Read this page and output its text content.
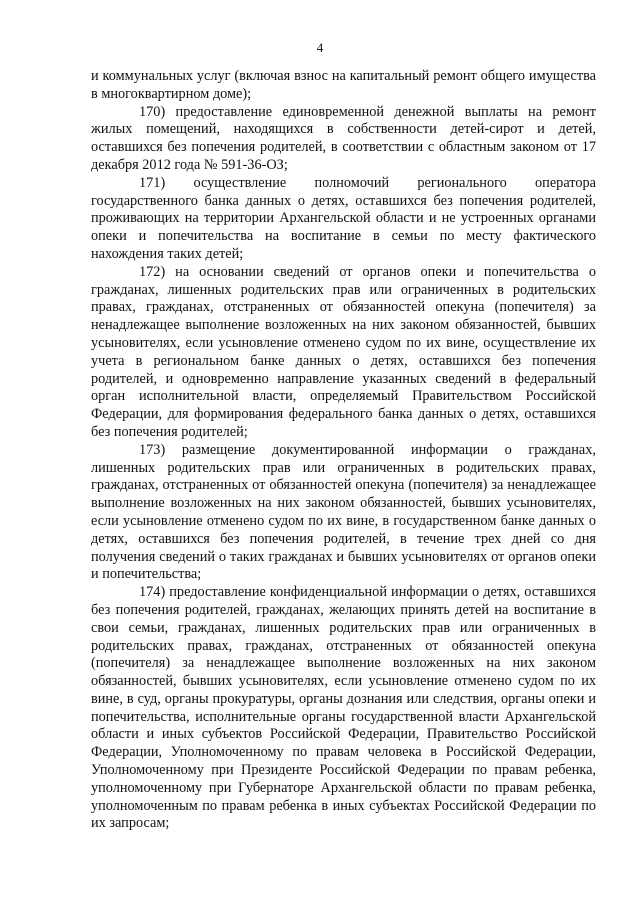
4

и коммунальных услуг (включая взнос на капитальный ремонт общего имущества в многоквартирном доме);

170) предоставление единовременной денежной выплаты на ремонт жилых помещений, находящихся в собственности детей-сирот и детей, оставшихся без попечения родителей, в соответствии с областным законом от 17 декабря 2012 года № 591-36-ОЗ;

171) осуществление полномочий регионального оператора государственного банка данных о детях, оставшихся без попечения родителей, проживающих на территории Архангельской области и не устроенных органами опеки и попечительства на воспитание в семьи по месту фактического нахождения таких детей;

172) на основании сведений от органов опеки и попечительства о гражданах, лишенных родительских прав или ограниченных в родительских правах, гражданах, отстраненных от обязанностей опекуна (попечителя) за ненадлежащее выполнение возложенных на них законом обязанностей, бывших усыновителях, если усыновление отменено судом по их вине, осуществление их учета в региональном банке данных о детях, оставшихся без попечения родителей, и одновременно направление указанных сведений в федеральный орган исполнительной власти, определяемый Правительством Российской Федерации, для формирования федерального банка данных о детях, оставшихся без попечения родителей;

173) размещение документированной информации о гражданах, лишенных родительских прав или ограниченных в родительских правах, гражданах, отстраненных от обязанностей опекуна (попечителя) за ненадлежащее выполнение возложенных на них законом обязанностей, бывших усыновителях, если усыновление отменено судом по их вине, в государственном банке данных о детях, оставшихся без попечения родителей, в течение трех дней со дня получения сведений о таких гражданах и бывших усыновителях от органов опеки и попечительства;

174) предоставление конфиденциальной информации о детях, оставшихся без попечения родителей, гражданах, желающих принять детей на воспитание в свои семьи, гражданах, лишенных родительских прав или ограниченных в родительских правах, гражданах, отстраненных от обязанностей опекуна (попечителя) за ненадлежащее выполнение возложенных на них законом обязанностей, бывших усыновителях, если усыновление отменено судом по их вине, в суд, органы прокуратуры, органы дознания или следствия, органы опеки и попечительства, исполнительные органы государственной власти Архангельской области и иных субъектов Российской Федерации, Правительство Российской Федерации, Уполномоченному по правам человека в Российской Федерации, Уполномоченному при Президенте Российской Федерации по правам ребенка, уполномоченному при Губернаторе Архангельской области по правам ребенка, уполномоченным по правам ребенка в иных субъектах Российской Федерации по их запросам;
